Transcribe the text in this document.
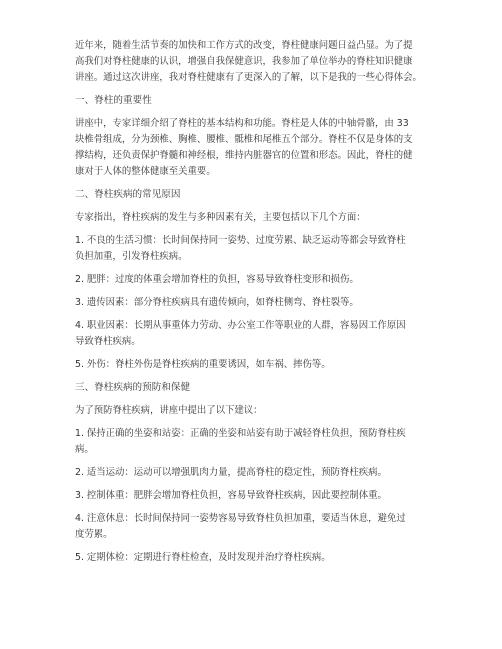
近年来，随着生活节奏的加快和工作方式的改变，脊柱健康问题日益凸显。为了提

高我们对脊柱健康的认识，增强自我保健意识，我参加了单位举办的脊柱知识健康

讲座。通过这次讲座，我对脊柱健康有了更深入的了解，以下是我的一些心得体会。

一、脊柱的重要性

讲座中，专家详细介绍了脊柱的基本结构和功能。脊柱是人体的中轴骨骼，由 33

块椎骨组成，分为颈椎、胸椎、腰椎、骶椎和尾椎五个部分。脊柱不仅是身体的支

撑结构，还负责保护脊髓和神经根，维持内脏器官的位置和形态。因此，脊柱的健

康对于人体的整体健康至关重要。

二、脊柱疾病的常见原因

专家指出，脊柱疾病的发生与多种因素有关，主要包括以下几个方面：

1. 不良的生活习惯：长时间保持同一姿势、过度劳累、缺乏运动等都会导致脊柱

负担加重，引发脊柱疾病。

2. 肥胖：过度的体重会增加脊柱的负担，容易导致脊柱变形和损伤。

3. 遗传因素：部分脊柱疾病具有遗传倾向，如脊柱侧弯、脊柱裂等。

4. 职业因素：长期从事重体力劳动、办公室工作等职业的人群，容易因工作原因

导致脊柱疾病。

5. 外伤：脊柱外伤是脊柱疾病的重要诱因，如车祸、摔伤等。

三、脊柱疾病的预防和保健

为了预防脊柱疾病，讲座中提出了以下建议：

1. 保持正确的坐姿和站姿：正确的坐姿和站姿有助于减轻脊柱负担，预防脊柱疾

病。

2. 适当运动：运动可以增强肌肉力量，提高脊柱的稳定性，预防脊柱疾病。

3. 控制体重：肥胖会增加脊柱负担，容易导致脊柱疾病，因此要控制体重。

4. 注意休息：长时间保持同一姿势容易导致脊柱负担加重，要适当休息，避免过

度劳累。

5. 定期体检：定期进行脊柱检查，及时发现并治疗脊柱疾病。
